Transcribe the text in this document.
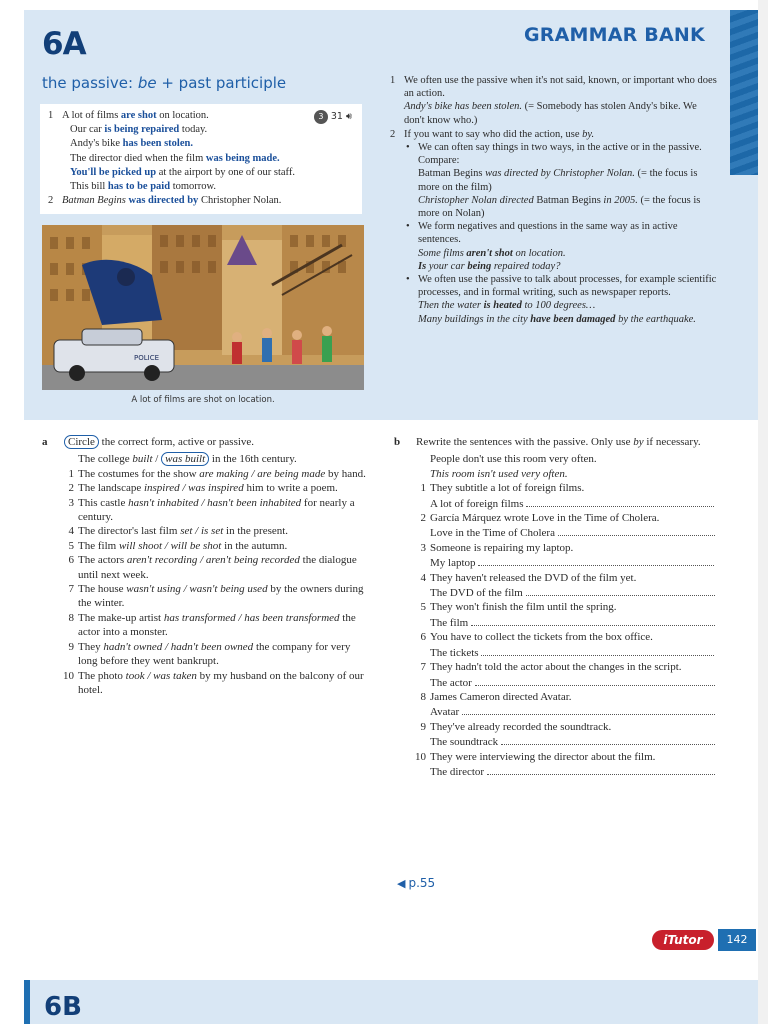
6A	GRAMMAR BANK
the passive: be + past participle
3 31 🔊︎
1 A lot of films are shot on location.
Our car is being repaired today.
Andy's bike has been stolen.
The director died when the film was being made.
You'll be picked up at the airport by one of our staff.
This bill has to be paid tomorrow.
2 Batman Begins was directed by Christopher Nolan.
POLICE
A lot of films are shot on location.
1 We often use the passive when it's not said, known, or important who does an action.
Andy's bike has been stolen. (= Somebody has stolen Andy's bike. We don't know who.)
2 If you want to say who did the action, use by.
• We can often say things in two ways, in the active or in the passive. Compare:
Batman Begins was directed by Christopher Nolan. (= the focus is more on the film)
Christopher Nolan directed Batman Begins in 2005. (= the focus is more on Nolan)
• We form negatives and questions in the same way as in active sentences.
Some films aren't shot on location.
Is your car being repaired today?
• We often use the passive to talk about processes, for example scientific processes, and in formal writing, such as newspaper reports.
Then the water is heated to 100 degrees…
Many buildings in the city have been damaged by the earthquake.
a Circle the correct form, active or passive.
The college built / was built in the 16th century.
1 The costumes for the show are making / are being made by hand.
2 The landscape inspired / was inspired him to write a poem.
3 This castle hasn't inhabited / hasn't been inhabited for nearly a century.
4 The director's last film set / is set in the present.
5 The film will shoot / will be shot in the autumn.
6 The actors aren't recording / aren't being recorded the dialogue until next week.
7 The house wasn't using / wasn't being used by the owners during the winter.
8 The make-up artist has transformed / has been transformed the actor into a monster.
9 They hadn't owned / hadn't been owned the company for very long before they went bankrupt.
10 The photo took / was taken by my husband on the balcony of our hotel.
b Rewrite the sentences with the passive. Only use by if necessary.
People don't use this room very often.
This room isn't used very often.
1 They subtitle a lot of foreign films.
A lot of foreign films
2 García Márquez wrote Love in the Time of Cholera.
Love in the Time of Cholera
3 Someone is repairing my laptop.
My laptop
4 They haven't released the DVD of the film yet.
The DVD of the film
5 They won't finish the film until the spring.
The film
6 You have to collect the tickets from the box office.
The tickets
7 They hadn't told the actor about the changes in the script.
The actor
8 James Cameron directed Avatar.
Avatar
9 They've already recorded the soundtrack.
The soundtrack
10 They were interviewing the director about the film.
The director
◀ p.55
iTutor	142
6B
